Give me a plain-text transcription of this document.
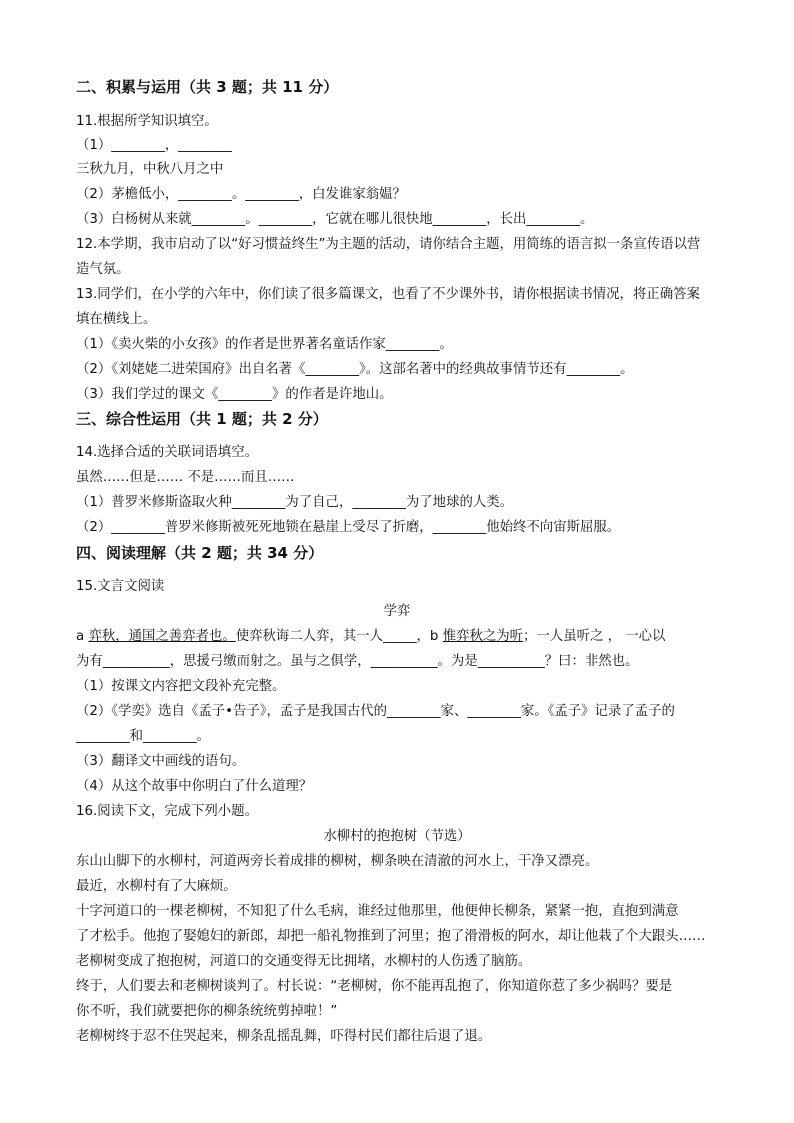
二、积累与运用（共 3 题；共 11 分）
11.根据所学知识填空。
（1）________，________
三秋九月，中秋八月之中
（2）茅檐低小，________。________，白发谁家翁媪？
（3）白杨树从来就________。________，它就在哪儿很快地________，长出________。
12.本学期，我市启动了以“好习惯益终生”为主题的活动，请你结合主题，用简练的语言拟一条宣传语以营
造气氛。
13.同学们，在小学的六年中，你们读了很多篇课文，也看了不少课外书，请你根据读书情况，将正确答案
填在横线上。
（1）《卖火柴的小女孩》的作者是世界著名童话作家________。
（2）《刘姥姥二进荣国府》出自名著《________》。这部名著中的经典故事情节还有________。
（3）我们学过的课文《________》的作者是许地山。
三、综合性运用（共 1 题；共 2 分）
14.选择合适的关联词语填空。
虽然……但是…… 不是……而且……
（1）普罗米修斯盗取火种________为了自己，________为了地球的人类。
（2）________普罗米修斯被死死地锁在悬崖上受尽了折磨，________他始终不向宙斯屈服。
四、阅读理解（共 2 题；共 34 分）
15.文言文阅读
学弈
a 弈秋，通国之善弈者也。使弈秋诲二人弈，其一人_____，b 惟弈秋之为听；一人虽听之 ， 一心以
为有__________，思援弓缴而射之。虽与之俱学，__________。为是__________？曰：非然也。
（1）按课文内容把文段补充完整。
（2）《学奕》选自《孟子•告子》，孟子是我国古代的________家、________家。《孟子》记录了孟子的
________和________。
（3）翻译文中画线的语句。
（4）从这个故事中你明白了什么道理？
16.阅读下文，完成下列小题。
水柳村的抱抱树（节选）
东山山脚下的水柳村，河道两旁长着成排的柳树，柳条映在清澈的河水上，干净又漂亮。
最近，水柳村有了大麻烦。
十字河道口的一棵老柳树，不知犯了什么毛病，谁经过他那里，他便伸长柳条，紧紧一抱，直抱到满意
了才松手。他抱了娶媳妇的新郎，却把一船礼物推到了河里；抱了滑滑板的阿水，却让他栽了个大跟头……
老柳树变成了抱抱树，河道口的交通变得无比拥堵，水柳村的人伤透了脑筋。
终于，人们要去和老柳树谈判了。村长说：“老柳树，你不能再乱抱了，你知道你惹了多少祸吗？要是
你不听，我们就要把你的柳条统统剪掉啦！”
老柳树终于忍不住哭起来，柳条乱摇乱舞，吓得村民们都往后退了退。
